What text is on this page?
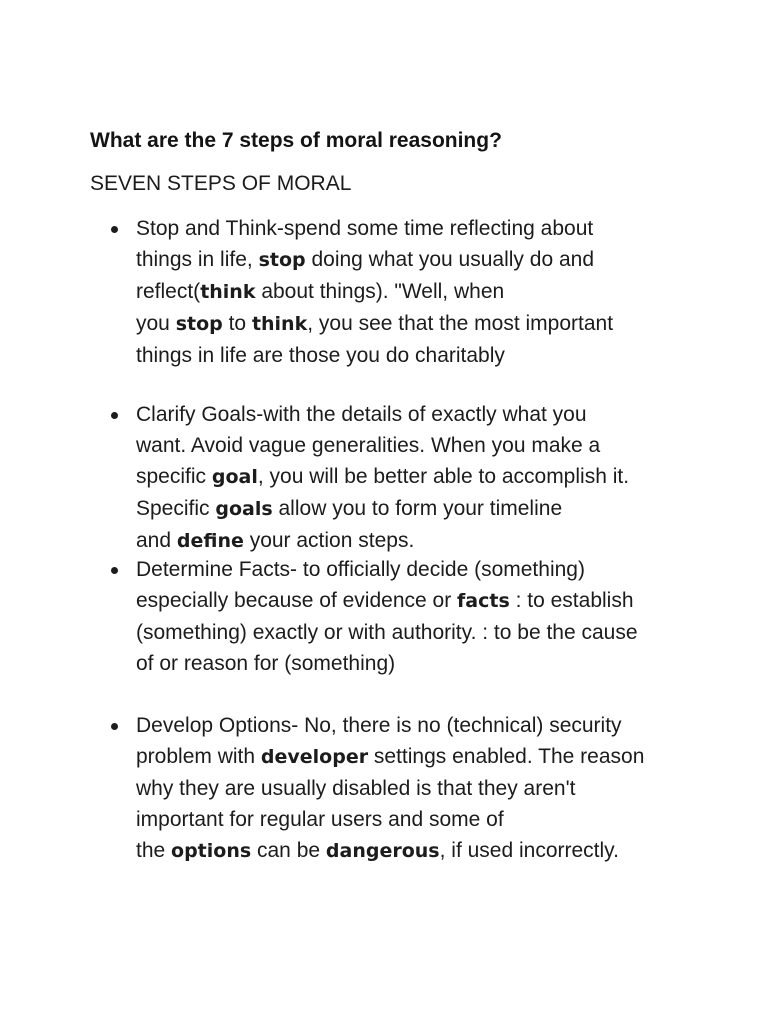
What are the 7 steps of moral reasoning?

SEVEN STEPS OF MORAL

Stop and Think-spend some time reflecting about
things in life, stop doing what you usually do and
reflect(think about things). "Well, when
you stop to think, you see that the most important
things in life are those you do charitably
Clarify Goals-with the details of exactly what you
want. Avoid vague generalities. When you make a
specific goal, you will be better able to accomplish it.
Specific goals allow you to form your timeline
and define your action steps.
Determine Facts- to officially decide (something)
especially because of evidence or facts : to establish
(something) exactly or with authority. : to be the cause
of or reason for (something)
Develop Options- No, there is no (technical) security
problem with developer settings enabled. The reason
why they are usually disabled is that they aren't
important for regular users and some of
the options can be dangerous, if used incorrectly.
